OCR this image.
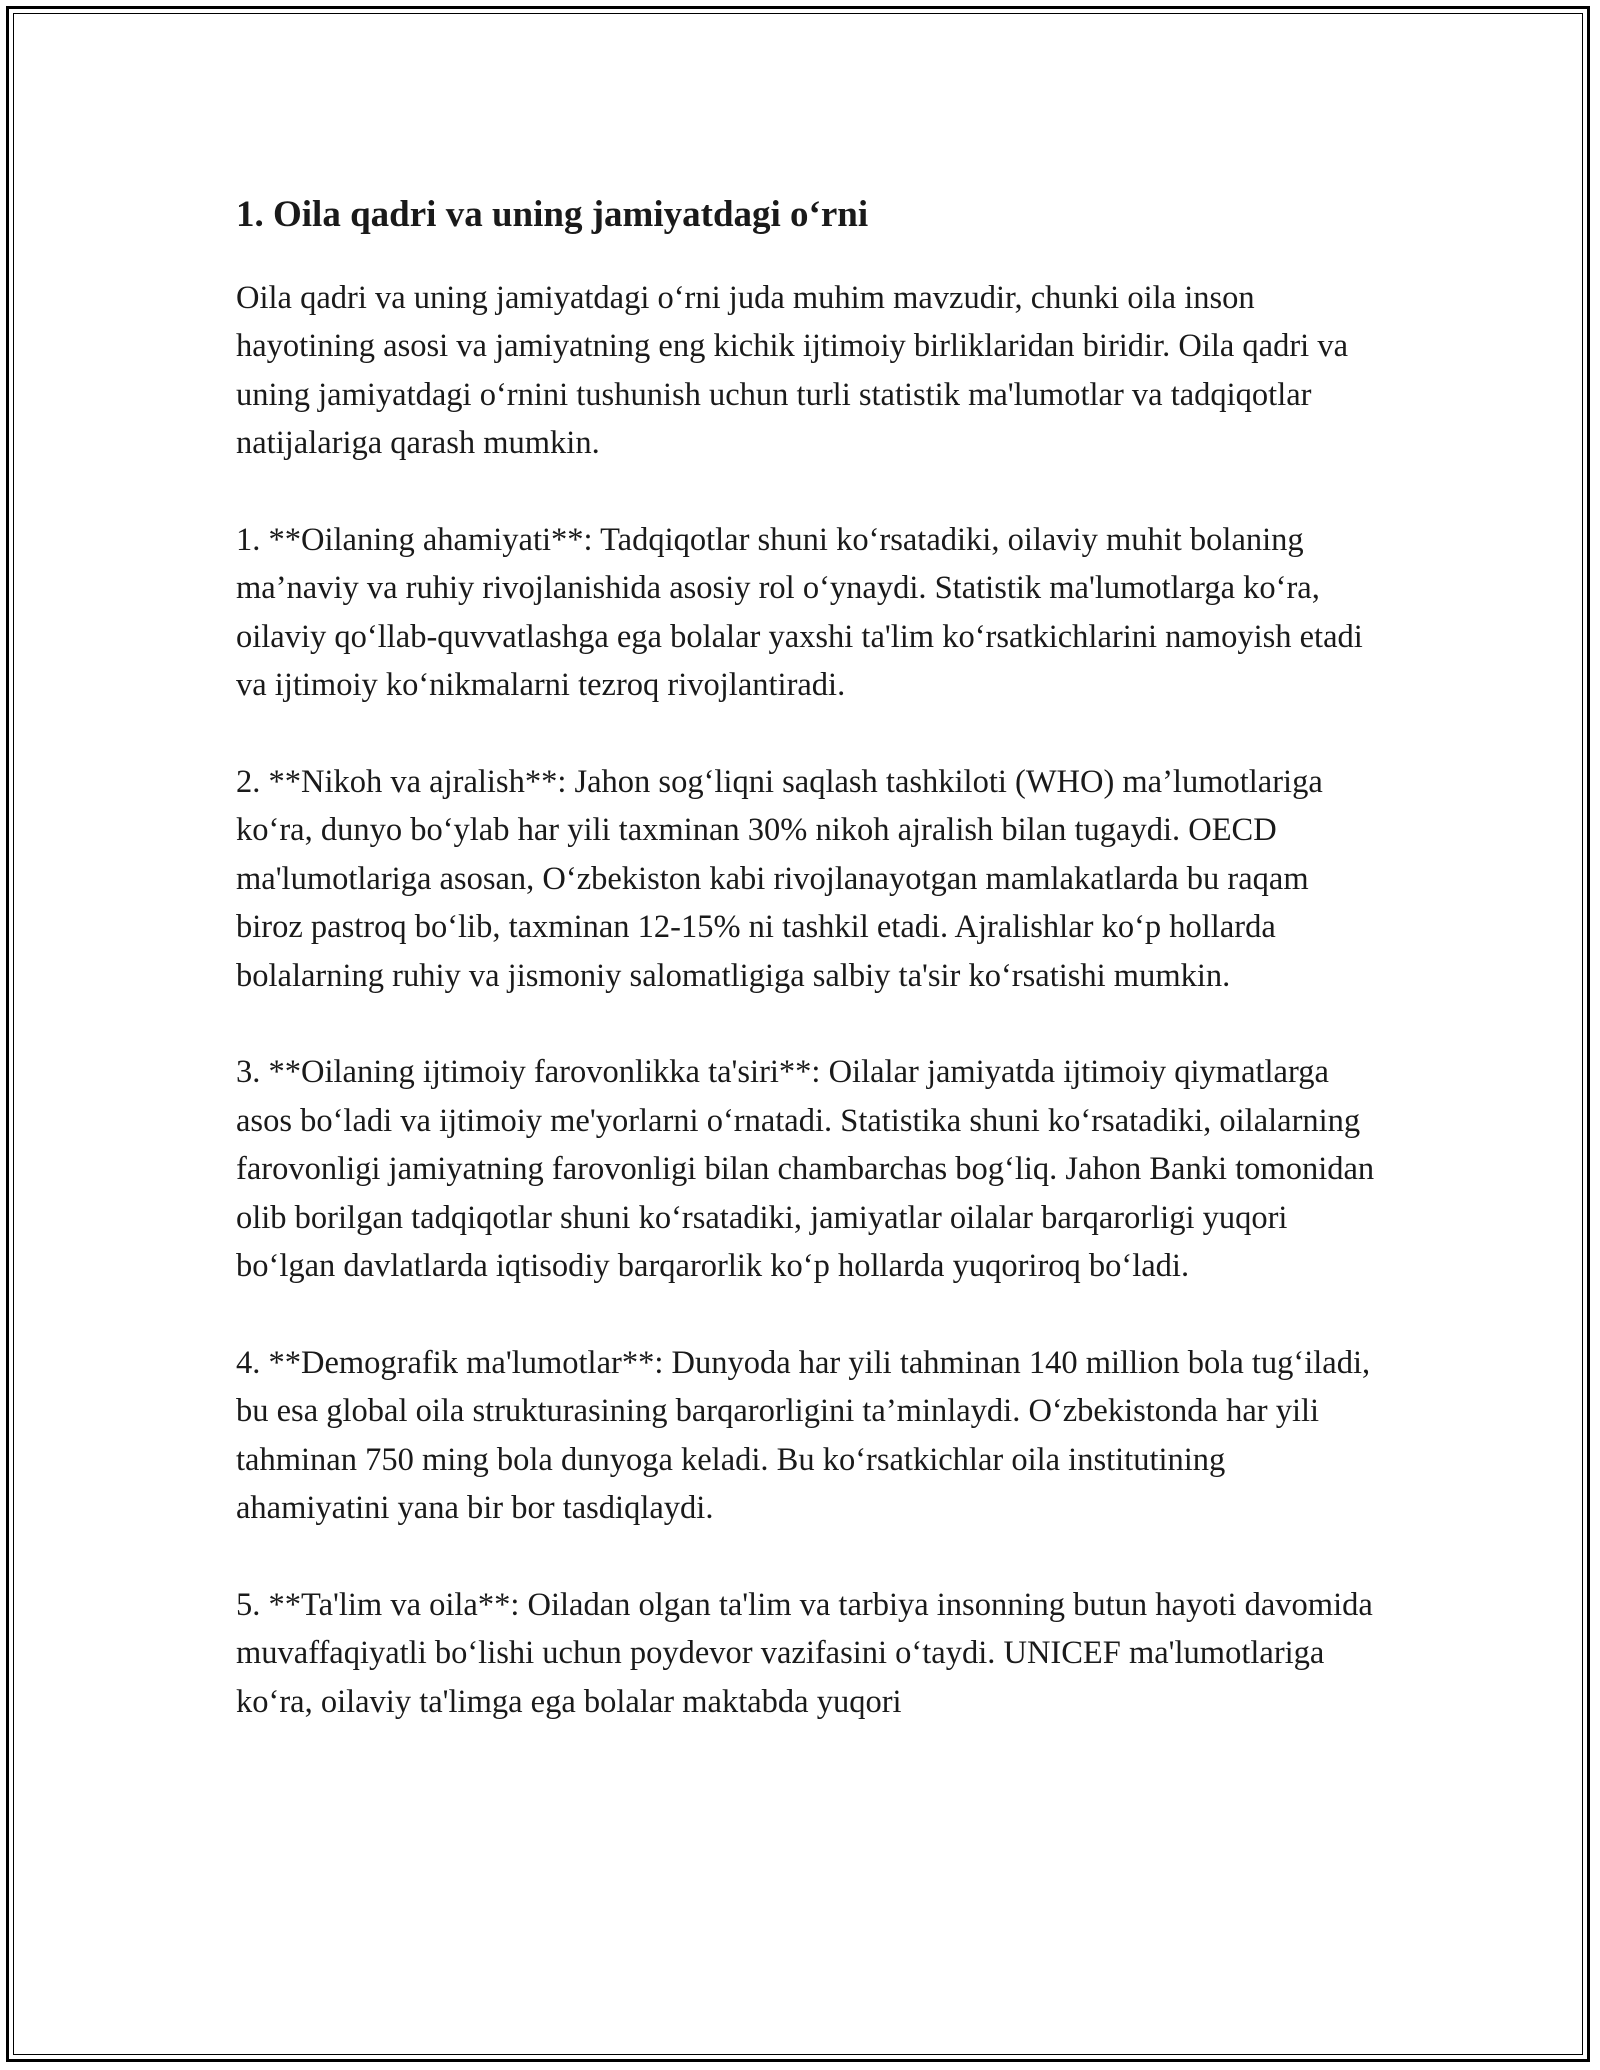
1. Oila qadri va uning jamiyatdagi o‘rni

Oila qadri va uning jamiyatdagi o‘rni juda muhim mavzudir, chunki oila inson hayotining asosi va jamiyatning eng kichik ijtimoiy birliklaridan biridir. Oila qadri va uning jamiyatdagi o‘rnini tushunish uchun turli statistik ma'lumotlar va tadqiqotlar natijalariga qarash mumkin.

1. **Oilaning ahamiyati**: Tadqiqotlar shuni ko‘rsatadiki, oilaviy muhit bolaning ma’naviy va ruhiy rivojlanishida asosiy rol o‘ynaydi. Statistik ma'lumotlarga ko‘ra, oilaviy qo‘llab-quvvatlashga ega bolalar yaxshi ta'lim ko‘rsatkichlarini namoyish etadi va ijtimoiy ko‘nikmalarni tezroq rivojlantiradi.

2. **Nikoh va ajralish**: Jahon sog‘liqni saqlash tashkiloti (WHO) ma’lumotlariga ko‘ra, dunyo bo‘ylab har yili taxminan 30% nikoh ajralish bilan tugaydi. OECD ma'lumotlariga asosan, O‘zbekiston kabi rivojlanayotgan mamlakatlarda bu raqam biroz pastroq bo‘lib, taxminan 12-15% ni tashkil etadi. Ajralishlar ko‘p hollarda bolalarning ruhiy va jismoniy salomatligiga salbiy ta'sir ko‘rsatishi mumkin.

3. **Oilaning ijtimoiy farovonlikka ta'siri**: Oilalar jamiyatda ijtimoiy qiymatlarga asos bo‘ladi va ijtimoiy me'yorlarni o‘rnatadi. Statistika shuni ko‘rsatadiki, oilalarning farovonligi jamiyatning farovonligi bilan chambarchas bog‘liq. Jahon Banki tomonidan olib borilgan tadqiqotlar shuni ko‘rsatadiki, jamiyatlar oilalar barqarorligi yuqori bo‘lgan davlatlarda iqtisodiy barqarorlik ko‘p hollarda yuqoriroq bo‘ladi.

4. **Demografik ma'lumotlar**: Dunyoda har yili tahminan 140 million bola tug‘iladi, bu esa global oila strukturasining barqarorligini ta’minlaydi. O‘zbekistonda har yili tahminan 750 ming bola dunyoga keladi. Bu ko‘rsatkichlar oila institutining ahamiyatini yana bir bor tasdiqlaydi.

5. **Ta'lim va oila**: Oiladan olgan ta'lim va tarbiya insonning butun hayoti davomida muvaffaqiyatli bo‘lishi uchun poydevor vazifasini o‘taydi. UNICEF ma'lumotlariga ko‘ra, oilaviy ta'limga ega bolalar maktabda yuqori
